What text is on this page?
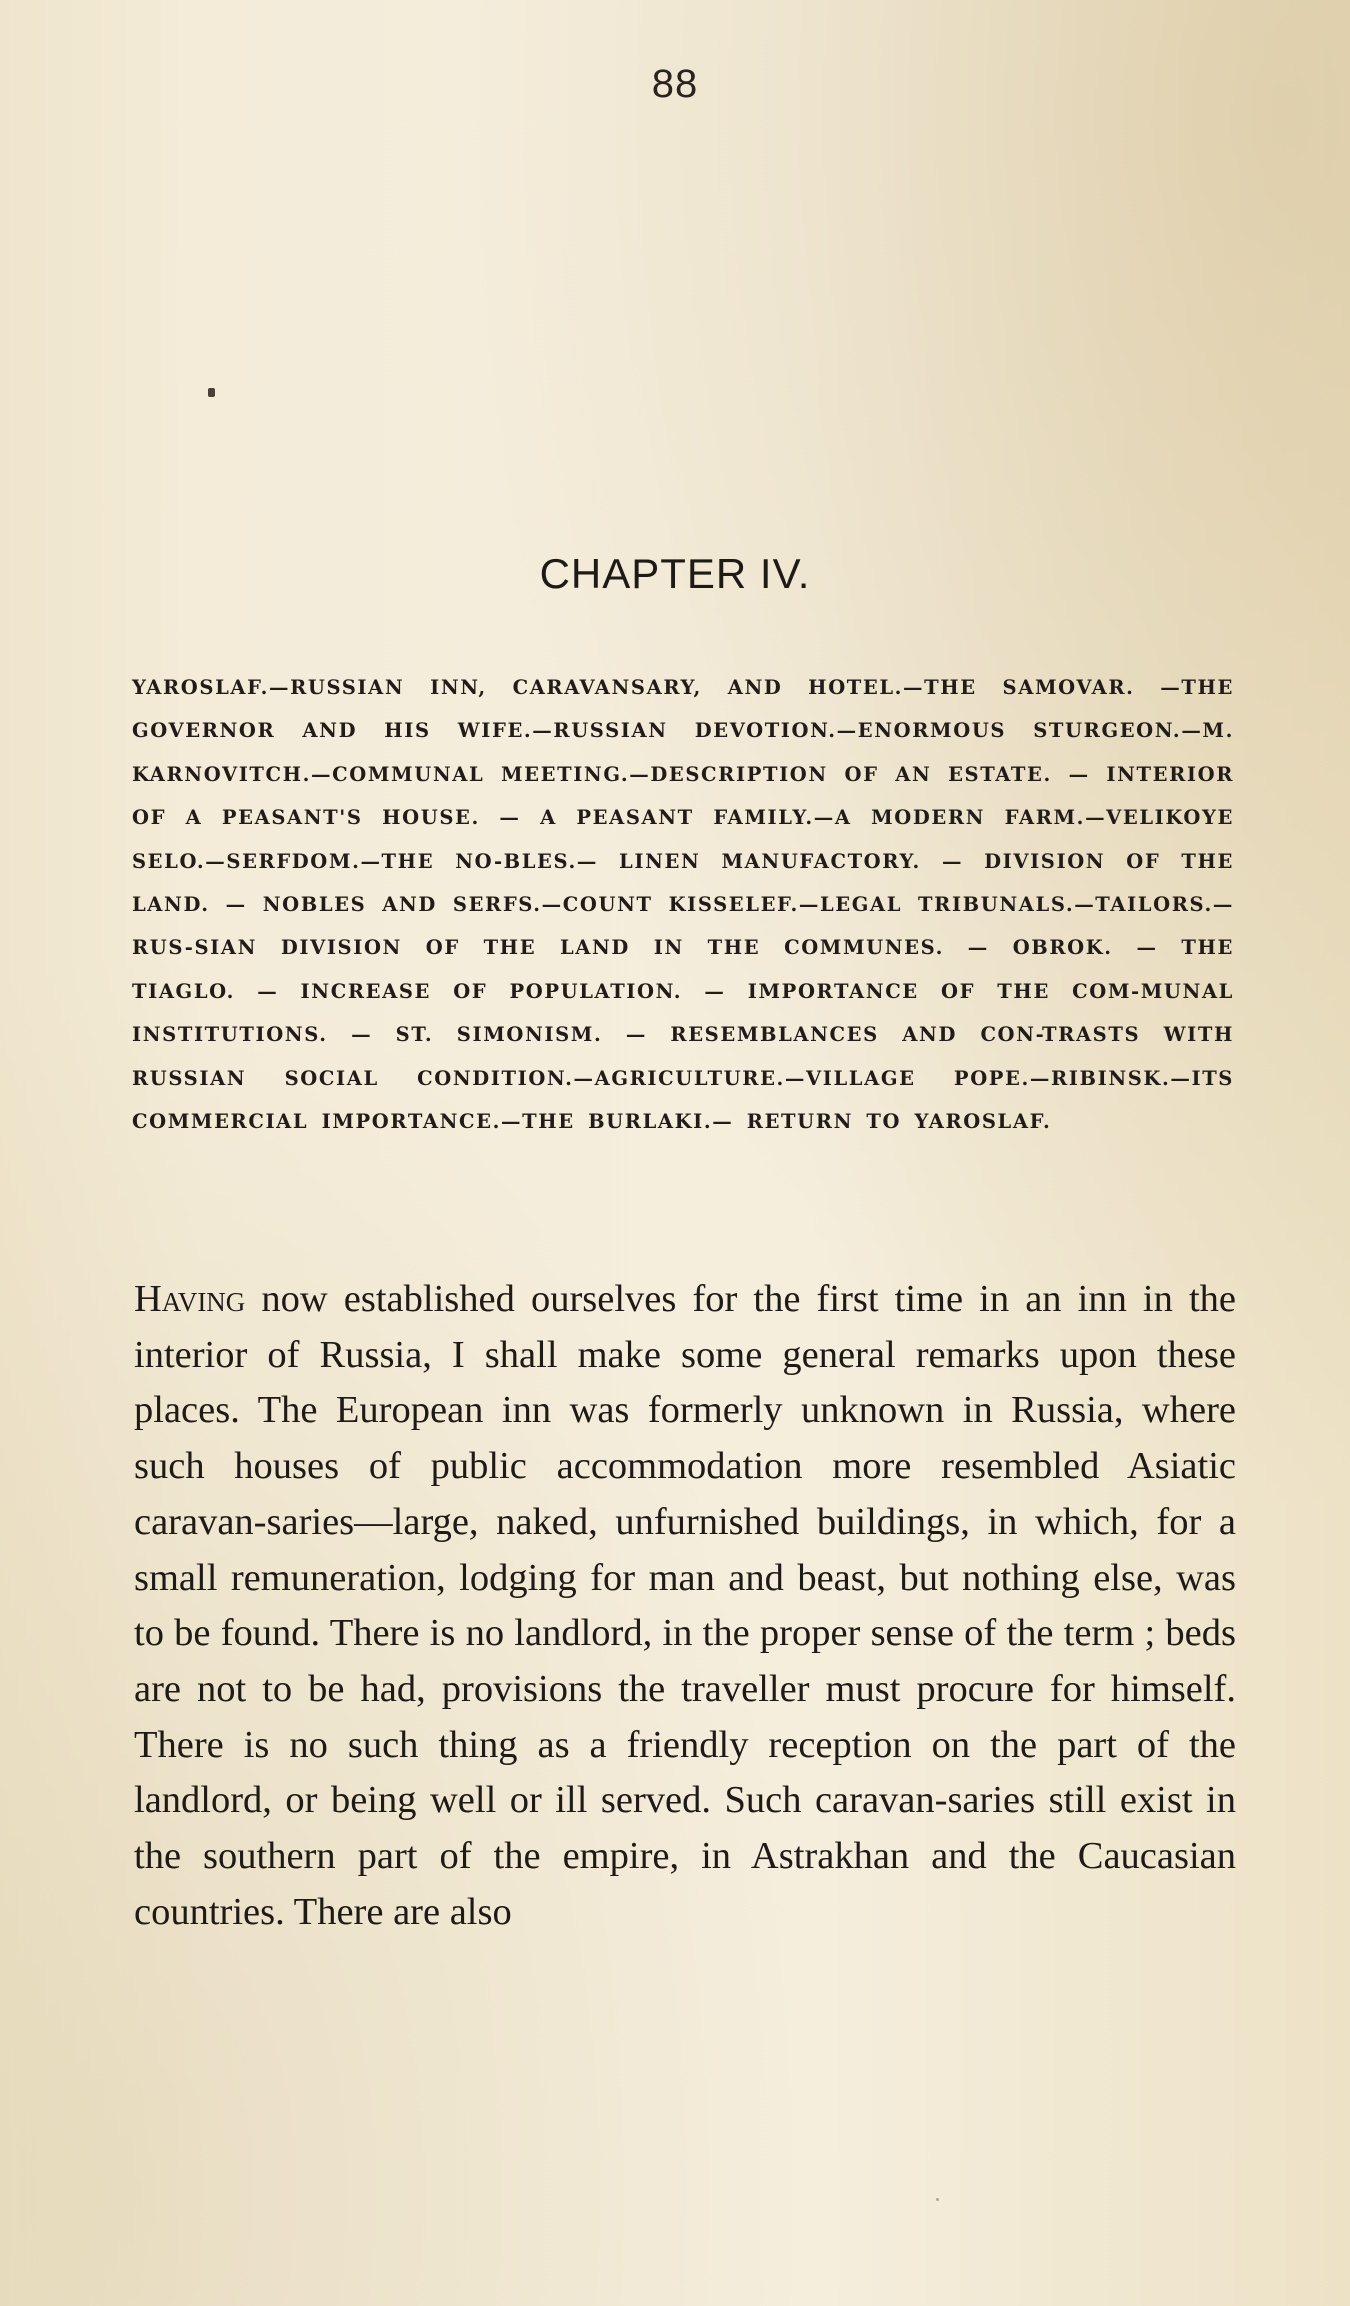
88
CHAPTER IV.

YAROSLAF.—RUSSIAN INN, CARAVANSARY, AND HOTEL.—THE SAMOVAR. —THE GOVERNOR AND HIS WIFE.—RUSSIAN DEVOTION.—ENORMOUS STURGEON.—M. KARNOVITCH.—COMMUNAL MEETING.—DESCRIPTION OF AN ESTATE. — INTERIOR OF A PEASANT'S HOUSE. — A PEASANT FAMILY.—A MODERN FARM.—VELIKOYE SELO.—SERFDOM.—THE NO-BLES.— LINEN MANUFACTORY. — DIVISION OF THE LAND. — NOBLES AND SERFS.—COUNT KISSELEF.—LEGAL TRIBUNALS.—TAILORS.—RUS-SIAN DIVISION OF THE LAND IN THE COMMUNES. — OBROK. — THE TIAGLO. — INCREASE OF POPULATION. — IMPORTANCE OF THE COM-MUNAL INSTITUTIONS. — ST. SIMONISM. — RESEMBLANCES AND CON-TRASTS WITH RUSSIAN SOCIAL CONDITION.—AGRICULTURE.—VILLAGE POPE.—RIBINSK.—ITS COMMERCIAL IMPORTANCE.—THE BURLAKI.— RETURN TO YAROSLAF.

Having now established ourselves for the first time in an inn in the interior of Russia, I shall make some general remarks upon these places. The European inn was formerly unknown in Russia, where such houses of public accommodation more resembled Asiatic caravan-saries—large, naked, unfurnished buildings, in which, for a small remuneration, lodging for man and beast, but nothing else, was to be found. There is no landlord, in the proper sense of the term ; beds are not to be had, provisions the traveller must procure for himself. There is no such thing as a friendly reception on the part of the landlord, or being well or ill served. Such caravan-saries still exist in the southern part of the empire, in Astrakhan and the Caucasian countries. There are also
